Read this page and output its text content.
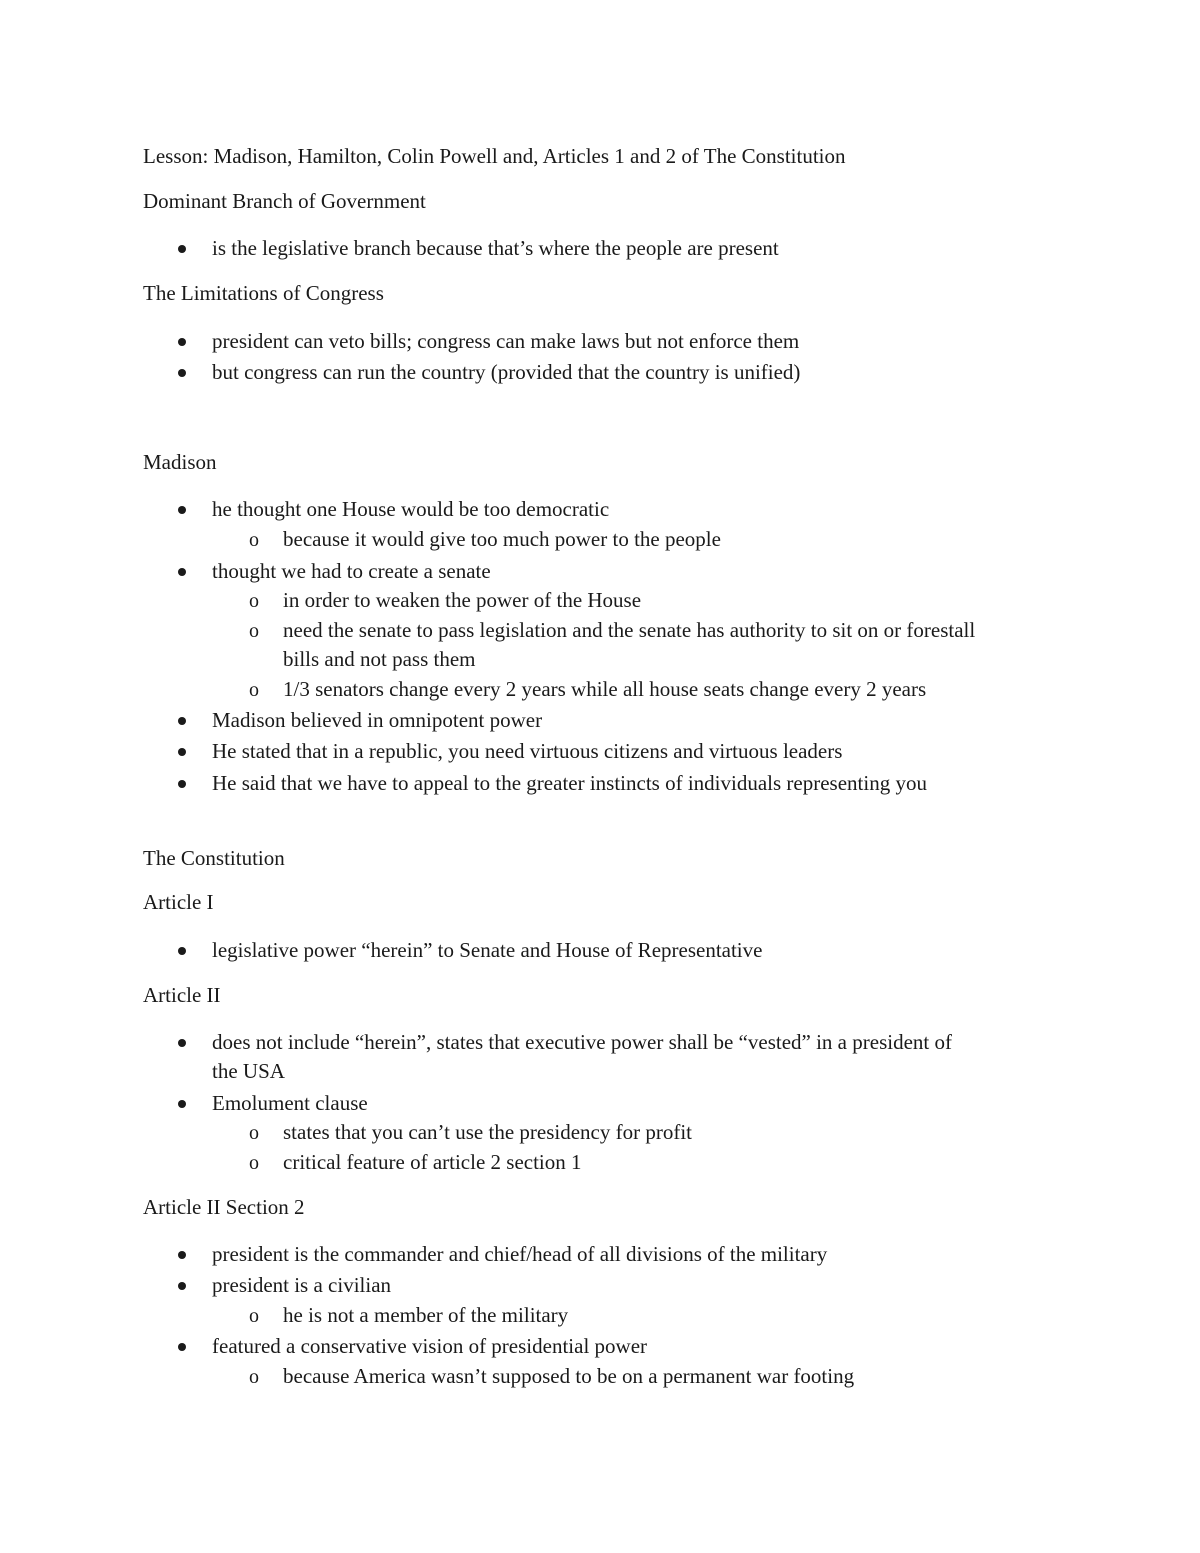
Lesson: Madison, Hamilton, Colin Powell and, Articles 1 and 2 of The Constitution
Dominant Branch of Government
is the legislative branch because that’s where the people are present
The Limitations of Congress
president can veto bills; congress can make laws but not enforce them
but congress can run the country (provided that the country is unified)
Madison
he thought one House would be too democratic
o because it would give too much power to the people
thought we had to create a senate
o in order to weaken the power of the House
o need the senate to pass legislation and the senate has authority to sit on or forestall
bills and not pass them
o 1/3 senators change every 2 years while all house seats change every 2 years
Madison believed in omnipotent power
He stated that in a republic, you need virtuous citizens and virtuous leaders
He said that we have to appeal to the greater instincts of individuals representing you
The Constitution
Article I
legislative power “herein” to Senate and House of Representative
Article II
does not include “herein”, states that executive power shall be “vested” in a president of
the USA
Emolument clause
o states that you can’t use the presidency for profit
o critical feature of article 2 section 1
Article II Section 2
president is the commander and chief/head of all divisions of the military
president is a civilian
o he is not a member of the military
featured a conservative vision of presidential power
o because America wasn’t supposed to be on a permanent war footing
